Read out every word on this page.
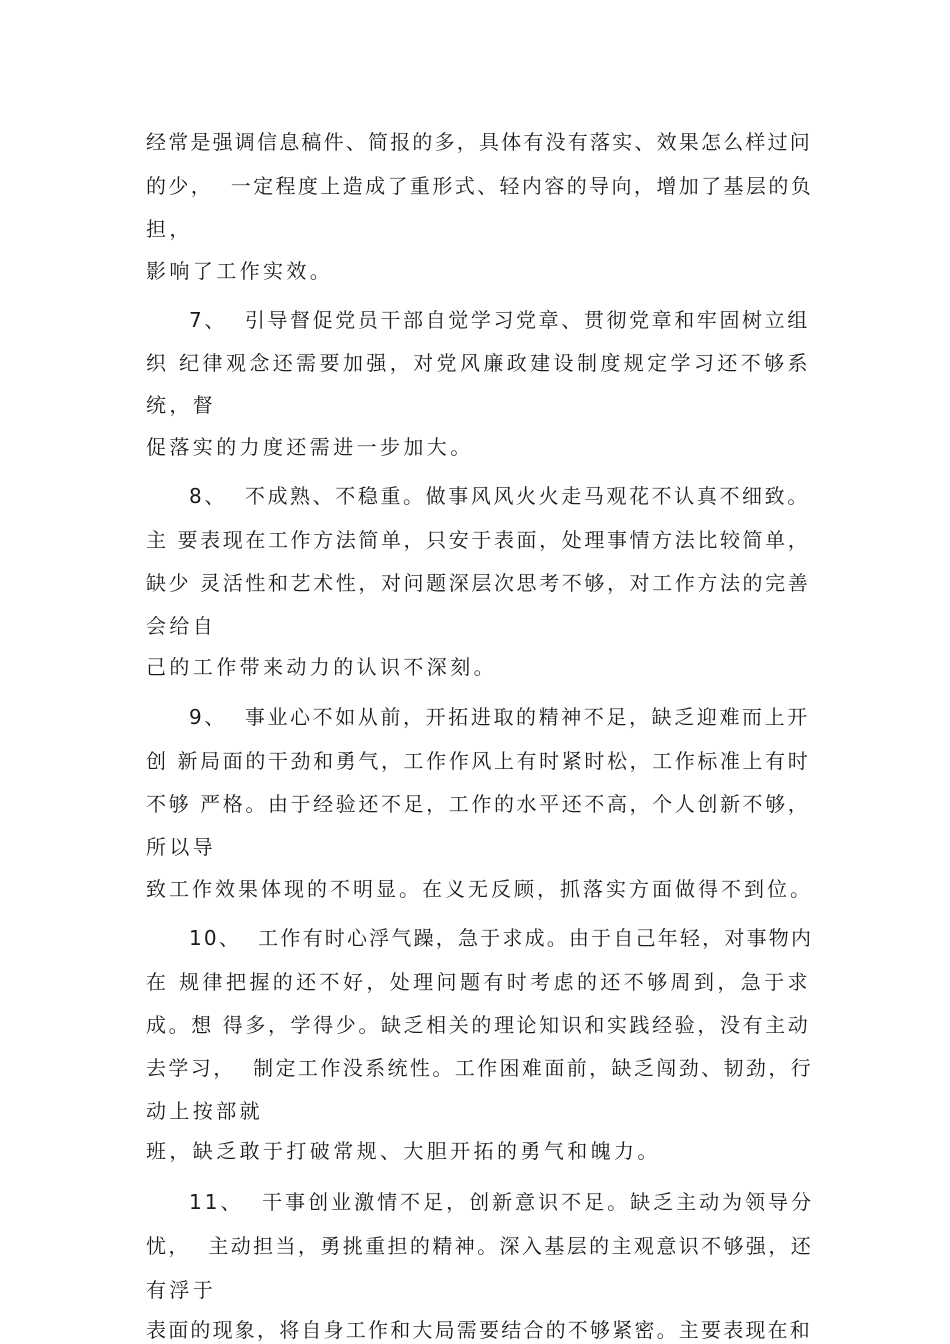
经常是强调信息稿件、简报的多，具体有没有落实、效果怎么样过问
的少，  一定程度上造成了重形式、轻内容的导向，增加了基层的负
担，
影响了工作实效。
7、  引导督促党员干部自觉学习党章、贯彻党章和牢固树立组
织 纪律观念还需要加强，对党风廉政建设制度规定学习还不够系
统，督
促落实的力度还需进一步加大。
8、  不成熟、不稳重。做事风风火火走马观花不认真不细致。
主 要表现在工作方法简单，只安于表面，处理事情方法比较简单，
缺少 灵活性和艺术性，对问题深层次思考不够，对工作方法的完善
会给自
己的工作带来动力的认识不深刻。
9、  事业心不如从前，开拓进取的精神不足，缺乏迎难而上开
创 新局面的干劲和勇气，工作作风上有时紧时松，工作标准上有时
不够 严格。由于经验还不足，工作的水平还不高，个人创新不够，
所以导
致工作效果体现的不明显。在义无反顾，抓落实方面做得不到位。
10、  工作有时心浮气躁，急于求成。由于自己年轻，对事物内
在 规律把握的还不好，处理问题有时考虑的还不够周到，急于求
成。想 得多，学得少。缺乏相关的理论知识和实践经验，没有主动
去学习，  制定工作没系统性。工作困难面前，缺乏闯劲、韧劲，行
动上按部就
班，缺乏敢于打破常规、大胆开拓的勇气和魄力。
11、  干事创业激情不足，创新意识不足。缺乏主动为领导分
忧，  主动担当，勇挑重担的精神。深入基层的主观意识不够强，还
有浮于
表面的现象，将自身工作和大局需要结合的不够紧密。主要表现在和
